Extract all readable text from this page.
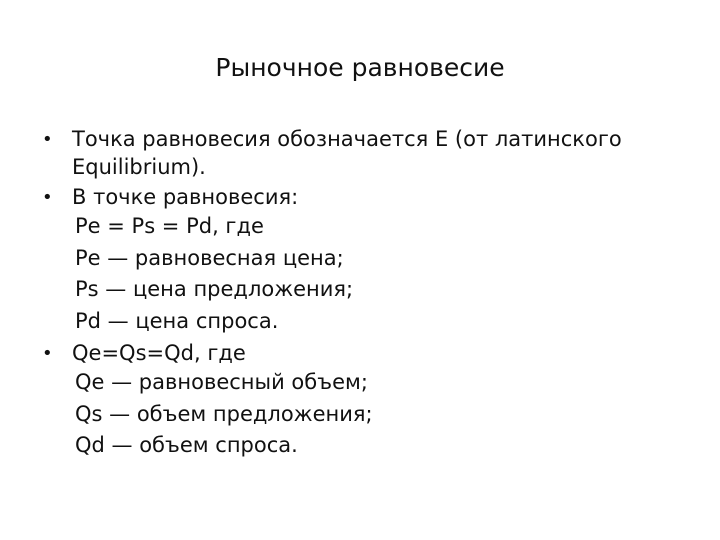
Рыночное равновесие
• Точка равновесия обозначается Е (от латинского Equilibrium).

• В точке равновесия:

Ре = Рs = Рd, где
Ре — равновесная цена;
Рs — цена предложения;
Рd — цена спроса.
• Qe=Qs=Qd, где

Qе — равновесный объем;
Qs — объем предложения;
Qd — объем спроса.
